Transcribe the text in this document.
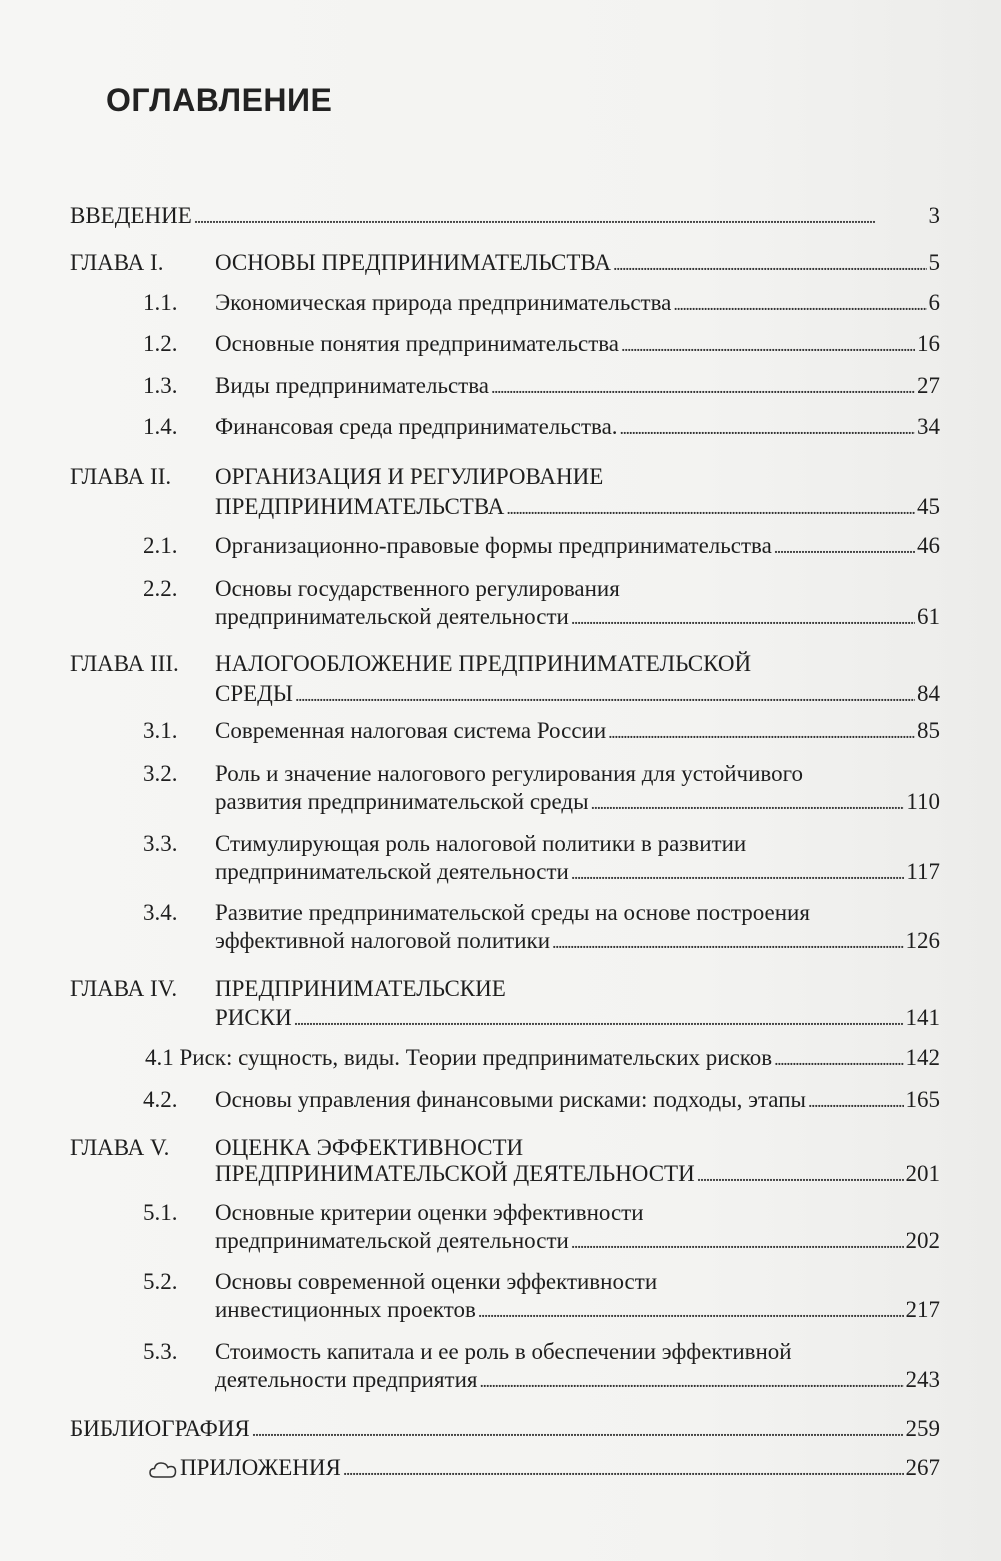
ОГЛАВЛЕНИЕ
ВВЕДЕНИЕ . . .	3
ГЛАВА I. ОСНОВЫ ПРЕДПРИНИМАТЕЛЬСТВА . . .	5
1.1. Экономическая природа предпринимательства . . .	6
1.2. Основные понятия предпринимательства . . .	16
1.3. Виды предпринимательства . . .	27
1.4. Финансовая среда предпринимательства. . . .	34
ГЛАВА II. ОРГАНИЗАЦИЯ И РЕГУЛИРОВАНИЕ
ПРЕДПРИНИМАТЕЛЬСТВА . . .	45
2.1. Организационно-правовые формы предпринимательства . . .	46
2.2. Основы государственного регулирования
предпринимательской деятельности . . .	61
ГЛАВА III. НАЛОГООБЛОЖЕНИЕ ПРЕДПРИНИМАТЕЛЬСКОЙ
СРЕДЫ . . .	84
3.1. Современная налоговая система России . . .	85
3.2. Роль и значение налогового регулирования для устойчивого
развития предпринимательской среды . . .	110
3.3. Стимулирующая роль налоговой политики в развитии
предпринимательской деятельности . . .	117
3.4. Развитие предпринимательской среды на основе построения
эффективной налоговой политики . . .	126
ГЛАВА IV. ПРЕДПРИНИМАТЕЛЬСКИЕ
РИСКИ . . .	141
4.1 Риск: сущность, виды. Теории предпринимательских рисков . . .	142
4.2. Основы управления финансовыми рисками: подходы, этапы . . .	165
ГЛАВА V. ОЦЕНКА ЭФФЕКТИВНОСТИ
ПРЕДПРИНИМАТЕЛЬСКОЙ ДЕЯТЕЛЬНОСТИ . . .	201
5.1. Основные критерии оценки эффективности
предпринимательской деятельности . . .	202
5.2. Основы современной оценки эффективности
инвестиционных проектов . . .	217
5.3. Стоимость капитала и ее роль в обеспечении эффективной
деятельности предприятия . . .	243
БИБЛИОГРАФИЯ . . .	259
ПРИЛОЖЕНИЯ . . .	267
